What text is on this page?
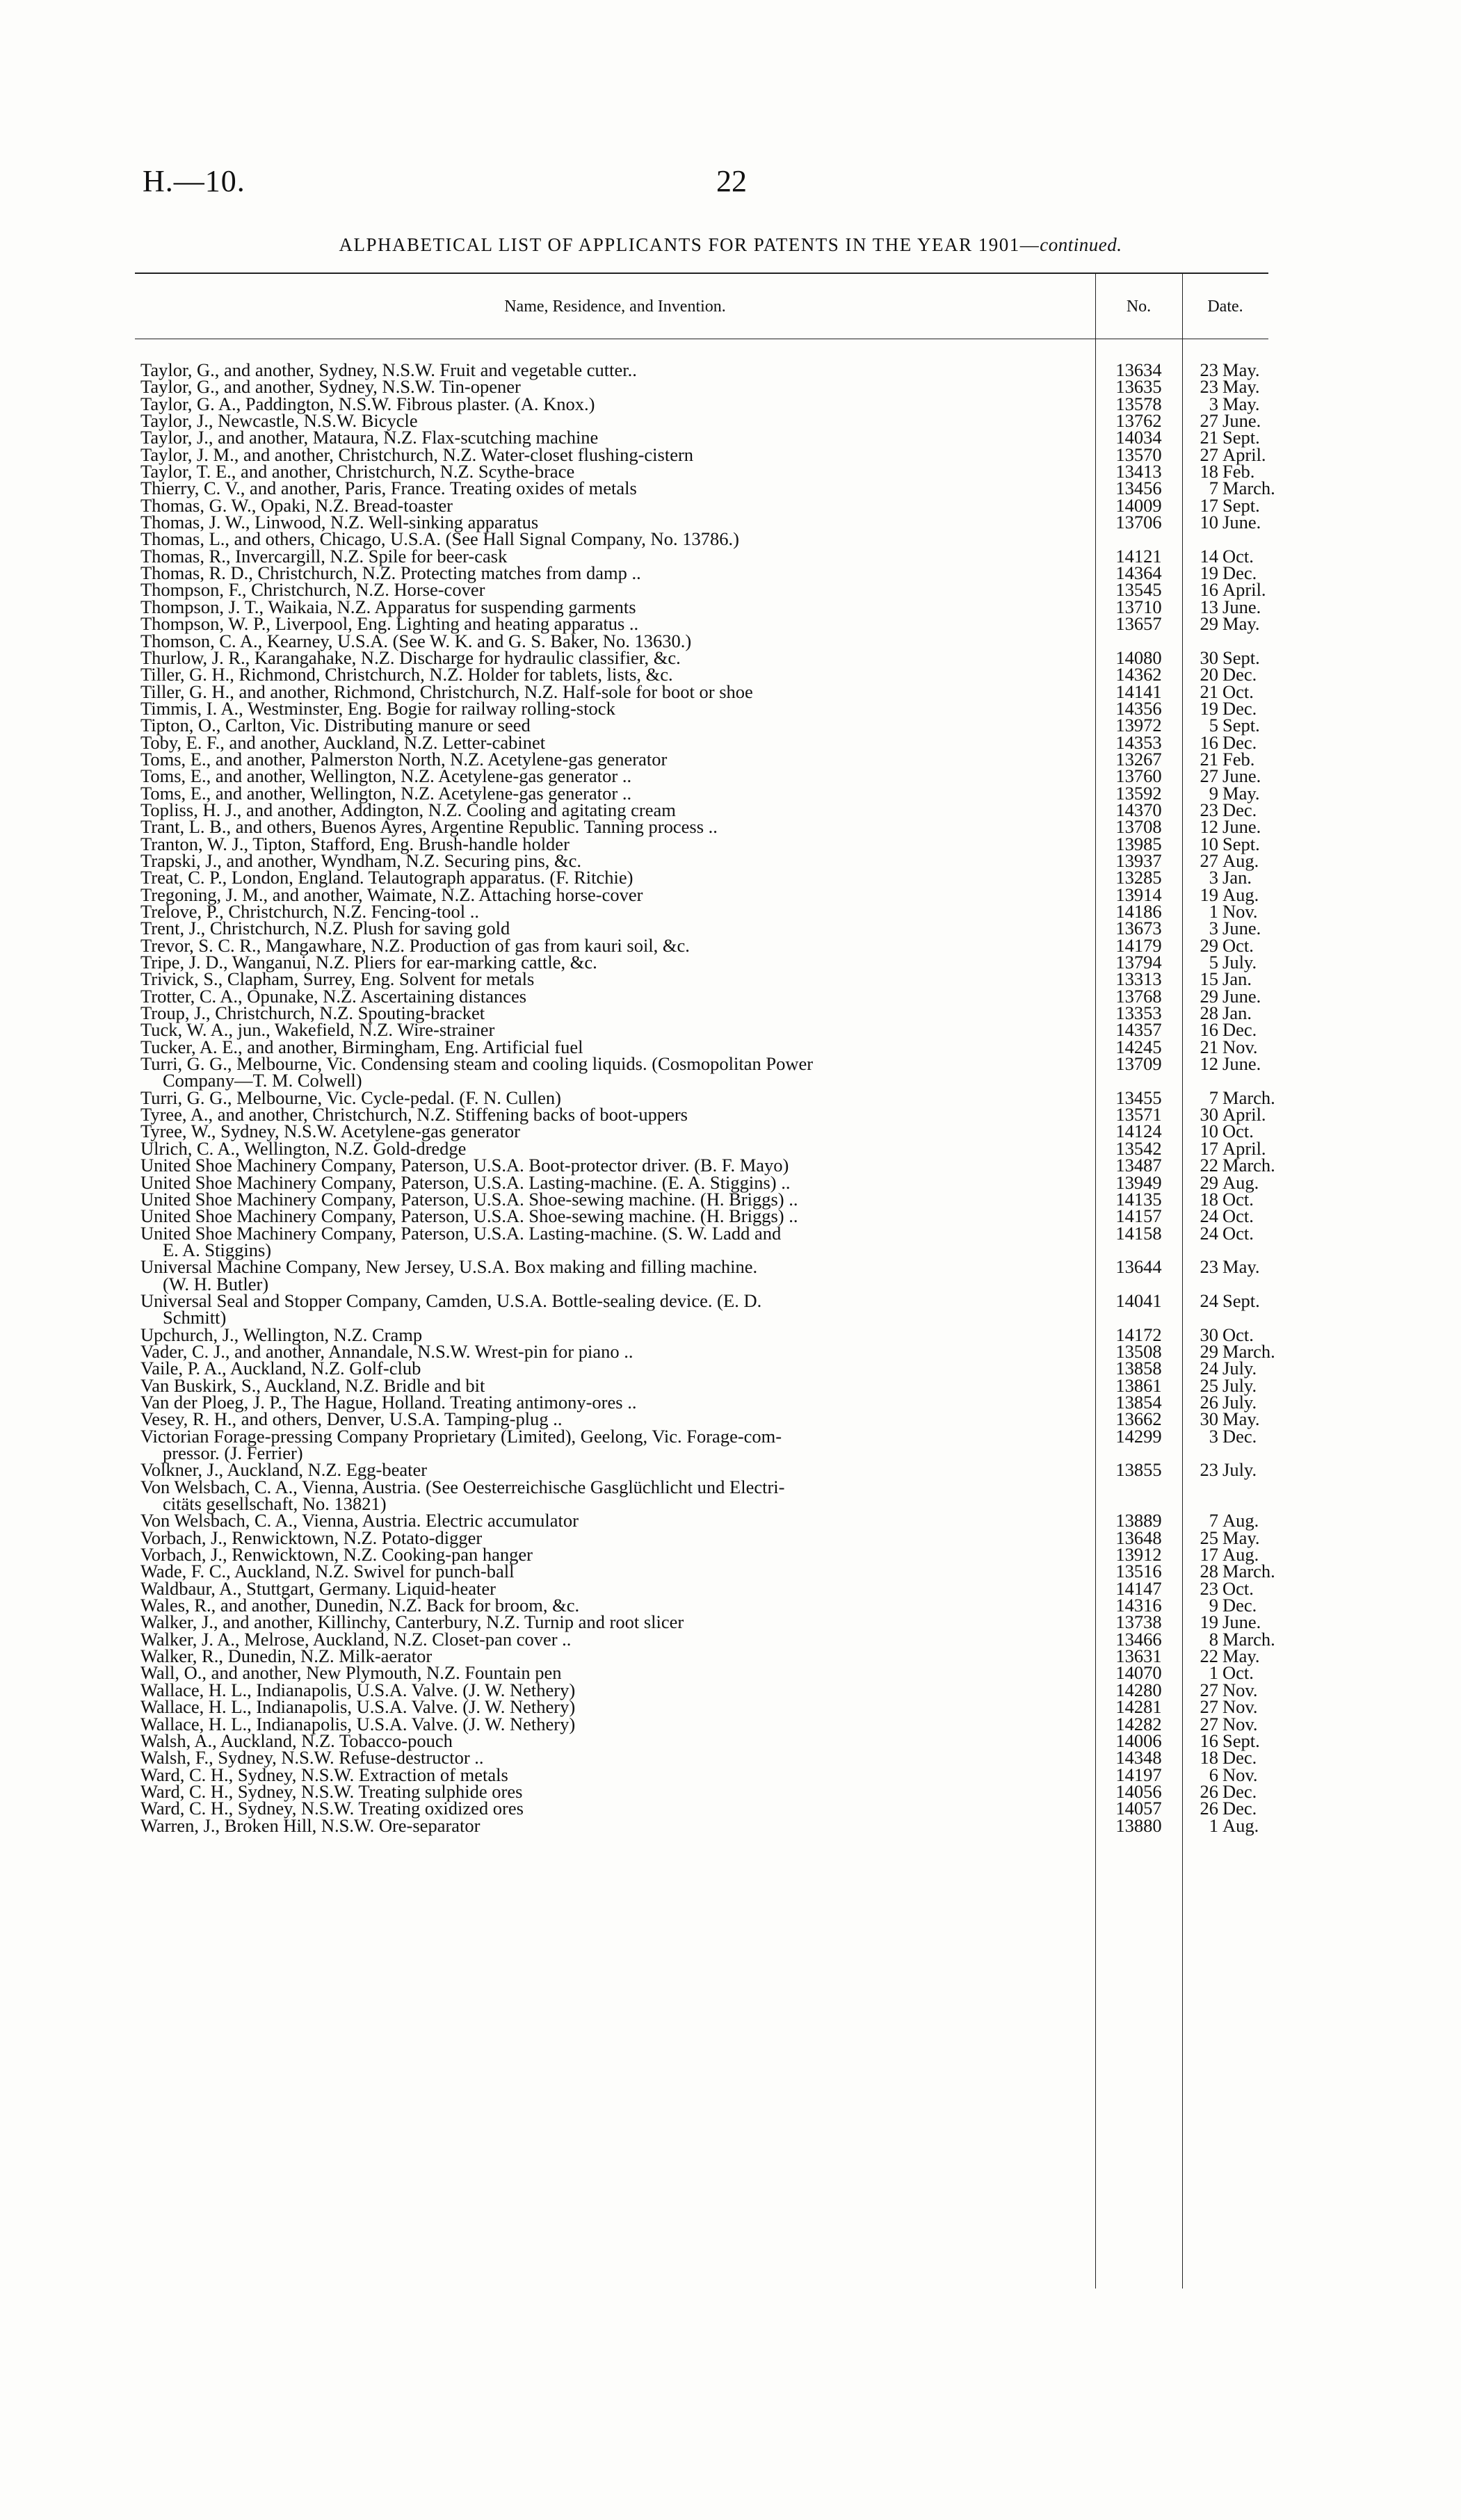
H.—10.	22
ALPHABETICAL LIST OF APPLICANTS FOR PATENTS IN THE YEAR 1901—continued.
Name, Residence, and Invention.	No.	Date.
Taylor, G., and another, Sydney, N.S.W. Fruit and vegetable cutter..	13634	23 May.
Taylor, G., and another, Sydney, N.S.W. Tin-opener	13635	23 May.
Taylor, G. A., Paddington, N.S.W. Fibrous plaster. (A. Knox.)	13578	3 May.
Taylor, J., Newcastle, N.S.W. Bicycle	13762	27 June.
Taylor, J., and another, Mataura, N.Z. Flax-scutching machine	14034	21 Sept.
Taylor, J. M., and another, Christchurch, N.Z. Water-closet flushing-cistern	13570	27 April.
Taylor, T. E., and another, Christchurch, N.Z. Scythe-brace	13413	18 Feb.
Thierry, C. V., and another, Paris, France. Treating oxides of metals	13456	7 March.
Thomas, G. W., Opaki, N.Z. Bread-toaster	14009	17 Sept.
Thomas, J. W., Linwood, N.Z. Well-sinking apparatus	13706	10 June.
Thomas, L., and others, Chicago, U.S.A. (See Hall Signal Company, No. 13786.)
Thomas, R., Invercargill, N.Z. Spile for beer-cask	14121	14 Oct.
Thomas, R. D., Christchurch, N.Z. Protecting matches from damp ..	14364	19 Dec.
Thompson, F., Christchurch, N.Z. Horse-cover	13545	16 April.
Thompson, J. T., Waikaia, N.Z. Apparatus for suspending garments	13710	13 June.
Thompson, W. P., Liverpool, Eng. Lighting and heating apparatus ..	13657	29 May.
Thomson, C. A., Kearney, U.S.A. (See W. K. and G. S. Baker, No. 13630.)
Thurlow, J. R., Karangahake, N.Z. Discharge for hydraulic classifier, &c.	14080	30 Sept.
Tiller, G. H., Richmond, Christchurch, N.Z. Holder for tablets, lists, &c.	14362	20 Dec.
Tiller, G. H., and another, Richmond, Christchurch, N.Z. Half-sole for boot or shoe	14141	21 Oct.
Timmis, I. A., Westminster, Eng. Bogie for railway rolling-stock	14356	19 Dec.
Tipton, O., Carlton, Vic. Distributing manure or seed	13972	5 Sept.
Toby, E. F., and another, Auckland, N.Z. Letter-cabinet	14353	16 Dec.
Toms, E., and another, Palmerston North, N.Z. Acetylene-gas generator	13267	21 Feb.
Toms, E., and another, Wellington, N.Z. Acetylene-gas generator ..	13760	27 June.
Toms, E., and another, Wellington, N.Z. Acetylene-gas generator ..	13592	9 May.
Topliss, H. J., and another, Addington, N.Z. Cooling and agitating cream	14370	23 Dec.
Trant, L. B., and others, Buenos Ayres, Argentine Republic. Tanning process ..	13708	12 June.
Tranton, W. J., Tipton, Stafford, Eng. Brush-handle holder	13985	10 Sept.
Trapski, J., and another, Wyndham, N.Z. Securing pins, &c.	13937	27 Aug.
Treat, C. P., London, England. Telautograph apparatus. (F. Ritchie)	13285	3 Jan.
Tregoning, J. M., and another, Waimate, N.Z. Attaching horse-cover	13914	19 Aug.
Trelove, P., Christchurch, N.Z. Fencing-tool ..	14186	1 Nov.
Trent, J., Christchurch, N.Z. Plush for saving gold	13673	3 June.
Trevor, S. C. R., Mangawhare, N.Z. Production of gas from kauri soil, &c.	14179	29 Oct.
Tripe, J. D., Wanganui, N.Z. Pliers for ear-marking cattle, &c.	13794	5 July.
Trivick, S., Clapham, Surrey, Eng. Solvent for metals	13313	15 Jan.
Trotter, C. A., Opunake, N.Z. Ascertaining distances	13768	29 June.
Troup, J., Christchurch, N.Z. Spouting-bracket	13353	28 Jan.
Tuck, W. A., jun., Wakefield, N.Z. Wire-strainer	14357	16 Dec.
Tucker, A. E., and another, Birmingham, Eng. Artificial fuel	14245	21 Nov.
Turri, G. G., Melbourne, Vic. Condensing steam and cooling liquids. (Cosmopolitan Power
Company—T. M. Colwell)
13709	12 June.
Turri, G. G., Melbourne, Vic. Cycle-pedal. (F. N. Cullen)	13455	7 March.
Tyree, A., and another, Christchurch, N.Z. Stiffening backs of boot-uppers	13571	30 April.
Tyree, W., Sydney, N.S.W. Acetylene-gas generator	14124	10 Oct.
Ulrich, C. A., Wellington, N.Z. Gold-dredge	13542	17 April.
United Shoe Machinery Company, Paterson, U.S.A. Boot-protector driver. (B. F. Mayo)	13487	22 March.
United Shoe Machinery Company, Paterson, U.S.A. Lasting-machine. (E. A. Stiggins) ..	13949	29 Aug.
United Shoe Machinery Company, Paterson, U.S.A. Shoe-sewing machine. (H. Briggs) ..	14135	18 Oct.
United Shoe Machinery Company, Paterson, U.S.A. Shoe-sewing machine. (H. Briggs) ..	14157	24 Oct.
United Shoe Machinery Company, Paterson, U.S.A. Lasting-machine. (S. W. Ladd and
E. A. Stiggins)
14158	24 Oct.
Universal Machine Company, New Jersey, U.S.A. Box making and filling machine.
(W. H. Butler)
13644	23 May.
Universal Seal and Stopper Company, Camden, U.S.A. Bottle-sealing device. (E. D.
Schmitt)
14041	24 Sept.
Upchurch, J., Wellington, N.Z. Cramp	14172	30 Oct.
Vader, C. J., and another, Annandale, N.S.W. Wrest-pin for piano ..	13508	29 March.
Vaile, P. A., Auckland, N.Z. Golf-club	13858	24 July.
Van Buskirk, S., Auckland, N.Z. Bridle and bit	13861	25 July.
Van der Ploeg, J. P., The Hague, Holland. Treating antimony-ores ..	13854	26 July.
Vesey, R. H., and others, Denver, U.S.A. Tamping-plug ..	13662	30 May.
Victorian Forage-pressing Company Proprietary (Limited), Geelong, Vic. Forage-com-
pressor. (J. Ferrier)
14299	3 Dec.
Volkner, J., Auckland, N.Z. Egg-beater	13855	23 July.
Von Welsbach, C. A., Vienna, Austria. (See Oesterreichische Gasglüchlicht und Electri-
citäts gesellschaft, No. 13821)
Von Welsbach, C. A., Vienna, Austria. Electric accumulator	13889	7 Aug.
Vorbach, J., Renwicktown, N.Z. Potato-digger	13648	25 May.
Vorbach, J., Renwicktown, N.Z. Cooking-pan hanger	13912	17 Aug.
Wade, F. C., Auckland, N.Z. Swivel for punch-ball	13516	28 March.
Waldbaur, A., Stuttgart, Germany. Liquid-heater	14147	23 Oct.
Wales, R., and another, Dunedin, N.Z. Back for broom, &c.	14316	9 Dec.
Walker, J., and another, Killinchy, Canterbury, N.Z. Turnip and root slicer	13738	19 June.
Walker, J. A., Melrose, Auckland, N.Z. Closet-pan cover ..	13466	8 March.
Walker, R., Dunedin, N.Z. Milk-aerator	13631	22 May.
Wall, O., and another, New Plymouth, N.Z. Fountain pen	14070	1 Oct.
Wallace, H. L., Indianapolis, U.S.A. Valve. (J. W. Nethery)	14280	27 Nov.
Wallace, H. L., Indianapolis, U.S.A. Valve. (J. W. Nethery)	14281	27 Nov.
Wallace, H. L., Indianapolis, U.S.A. Valve. (J. W. Nethery)	14282	27 Nov.
Walsh, A., Auckland, N.Z. Tobacco-pouch	14006	16 Sept.
Walsh, F., Sydney, N.S.W. Refuse-destructor ..	14348	18 Dec.
Ward, C. H., Sydney, N.S.W. Extraction of metals	14197	6 Nov.
Ward, C. H., Sydney, N.S.W. Treating sulphide ores	14056	26 Dec.
Ward, C. H., Sydney, N.S.W. Treating oxidized ores	14057	26 Dec.
Warren, J., Broken Hill, N.S.W. Ore-separator	13880	1 Aug.
